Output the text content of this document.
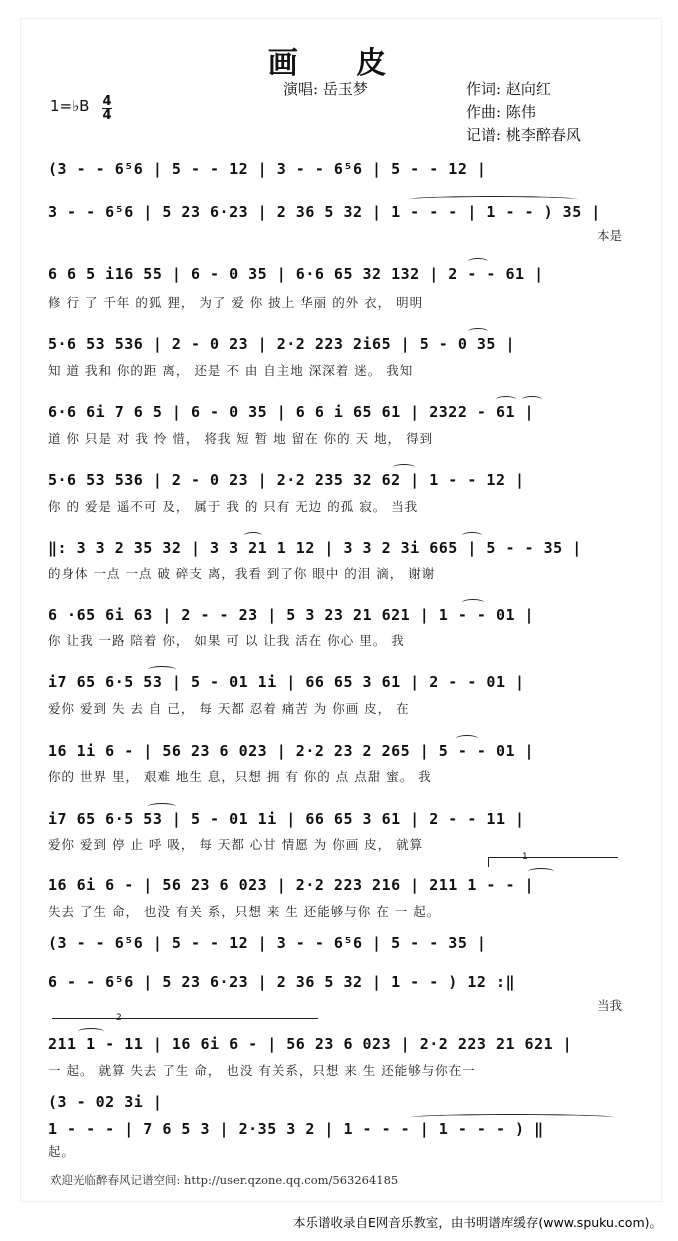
画 皮
演唱: 岳玉梦	作词: 赵向红
作曲: 陈伟
记谱: 桃李醉春风
1=♭B 4
4
(3 - - 6⁵6 | 5 - - 12 | 3 - - 6⁵6 | 5 - - 12 |
3 - - 6⁵6 | 5 23 6·23 | 2 36 5 32 | 1 - - - | 1 - - ) 35 |
本是
6 6 5 i16 55 | 6 - 0 35 | 6·6 65 32 132 | 2 - - 61 |
修 行 了 千年 的狐 狸， 为了 爱 你 披上 华丽 的外 衣， 明明
5·6 53 536 | 2 - 0 23 | 2·2 223 2i65 | 5 - 0 35 |
知 道 我和 你的距 离， 还是 不 由 自主地 深深着 迷。 我知
6·6 6i 7 6 5 | 6 - 0 35 | 6 6 i 65 61 | 2322 - 61 |
道 你 只是 对 我 怜 惜， 将我 短 暂 地 留在 你的 天 地， 得到
5·6 53 536 | 2 - 0 23 | 2·2 235 32 62 | 1 - - 12 |
你 的 爱是 遥不可 及， 属于 我 的 只有 无边 的孤 寂。 当我
‖: 3 3 2 35 32 | 3 3 21 1 12 | 3 3 2 3i 665 | 5 - - 35 |
的身体 一点 一点 破 碎支 离，我看 到了你 眼中 的泪 滴， 谢谢
6 ·65 6i 63 | 2 - - 23 | 5 3 23 21 621 | 1 - - 01 |
你 让我 一路 陪着 你， 如果 可 以 让我 活在 你心 里。 我
i7 65 6·5 53 | 5 - 01 1i | 66 65 3 61 | 2 - - 01 |
爱你 爱到 失 去 自 己， 每 天都 忍着 痛苦 为 你画 皮， 在
16 1i 6 - | 56 23 6 023 | 2·2 23 2 265 | 5 - - 01 |
你的 世界 里， 艰难 地生 息，只想 拥 有 你的 点 点甜 蜜。 我
i7 65 6·5 53 | 5 - 01 1i | 66 65 3 61 | 2 - - 11 |
爱你 爱到 停 止 呼 吸， 每 天都 心甘 情愿 为 你画 皮， 就算
1
16 6i 6 - | 56 23 6 023 | 2·2 223 216 | 211 1 - - |
失去 了生 命， 也没 有关 系，只想 来 生 还能够与你 在 一 起。
(3 - - 6⁵6 | 5 - - 12 | 3 - - 6⁵6 | 5 - - 35 |
6 - - 6⁵6 | 5 23 6·23 | 2 36 5 32 | 1 - - ) 12 :‖
当我
2
211 1 - 11 | 16 6i 6 - | 56 23 6 023 | 2·2 223 21 621 |
一 起。 就算 失去 了生 命， 也没 有关系，只想 来 生 还能够与你在一
(3 - 02 3i |
1 - - - | 7 6 5 3 | 2·35 3 2 | 1 - - - | 1 - - - ) ‖
起。
欢迎光临醉春风记谱空间: http://user.qzone.qq.com/563264185
本乐谱收录自E网音乐教室，由书明谱库缓存(www.spuku.com)。
